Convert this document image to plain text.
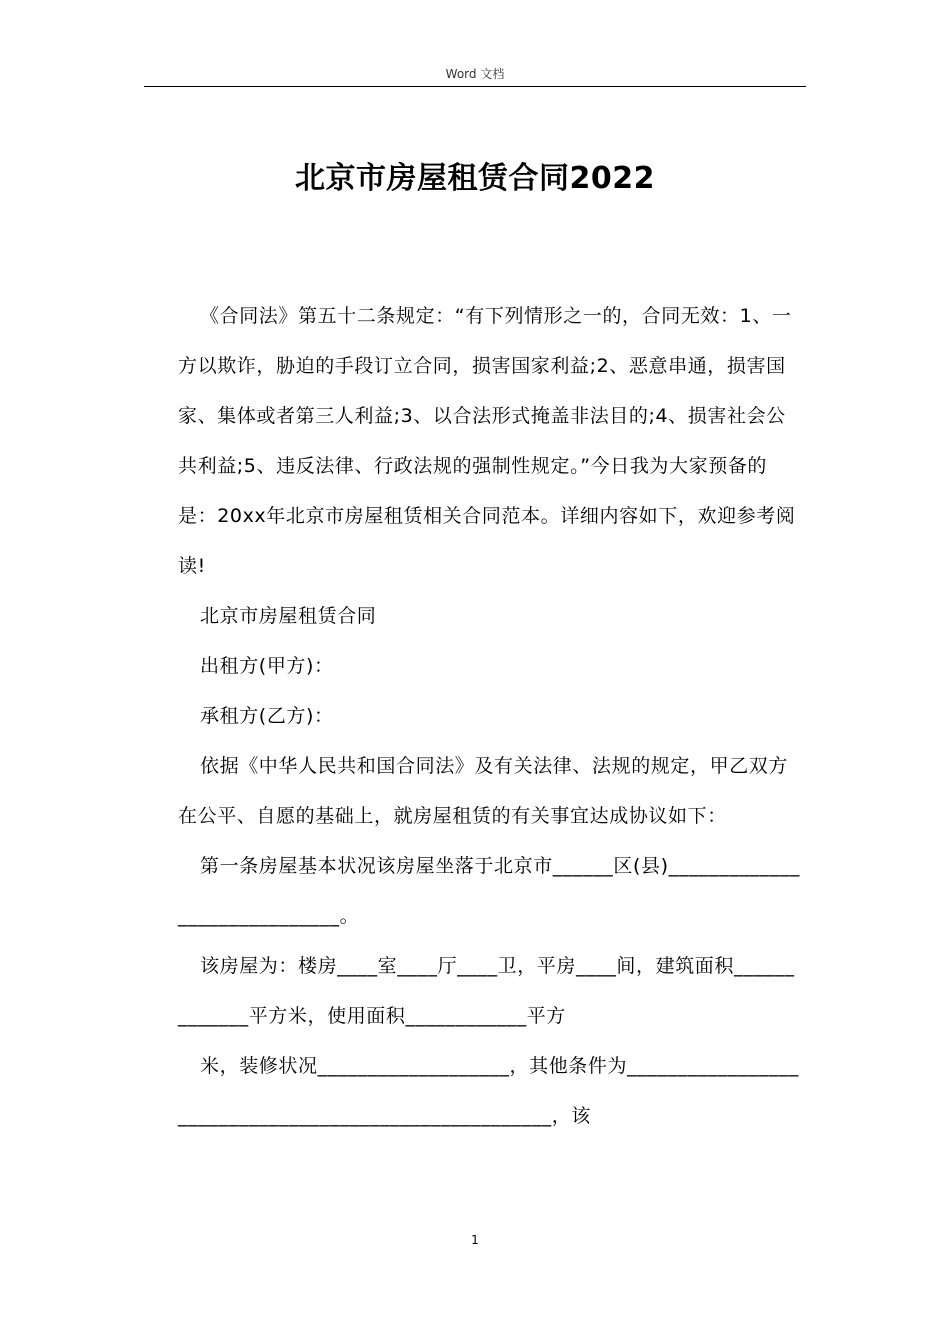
Word 文档
北京市房屋租赁合同2022

《合同法》第五十二条规定：“有下列情形之一的，合同无效：1、一方以欺诈，胁迫的手段订立合同，损害国家利益;2、恶意串通，损害国家、集体或者第三人利益;3、以合法形式掩盖非法目的;4、损害社会公共利益;5、违反法律、行政法规的强制性规定。”今日我为大家预备的是：20xx年北京市房屋租赁相关合同范本。详细内容如下，欢迎参考阅读!

北京市房屋租赁合同

出租方(甲方)：

承租方(乙方)：

依据《中华人民共和国合同法》及有关法律、法规的规定，甲乙双方在公平、自愿的基础上，就房屋租赁的有关事宜达成协议如下：

第一条房屋基本状况该房屋坐落于北京市______区(县)_____________________________。

该房屋为：楼房____室____厅____卫，平房____间，建筑面积_____________平方米，使用面积____________平方

米，装修状况___________________，其他条件为______________________________________________________，该

1
